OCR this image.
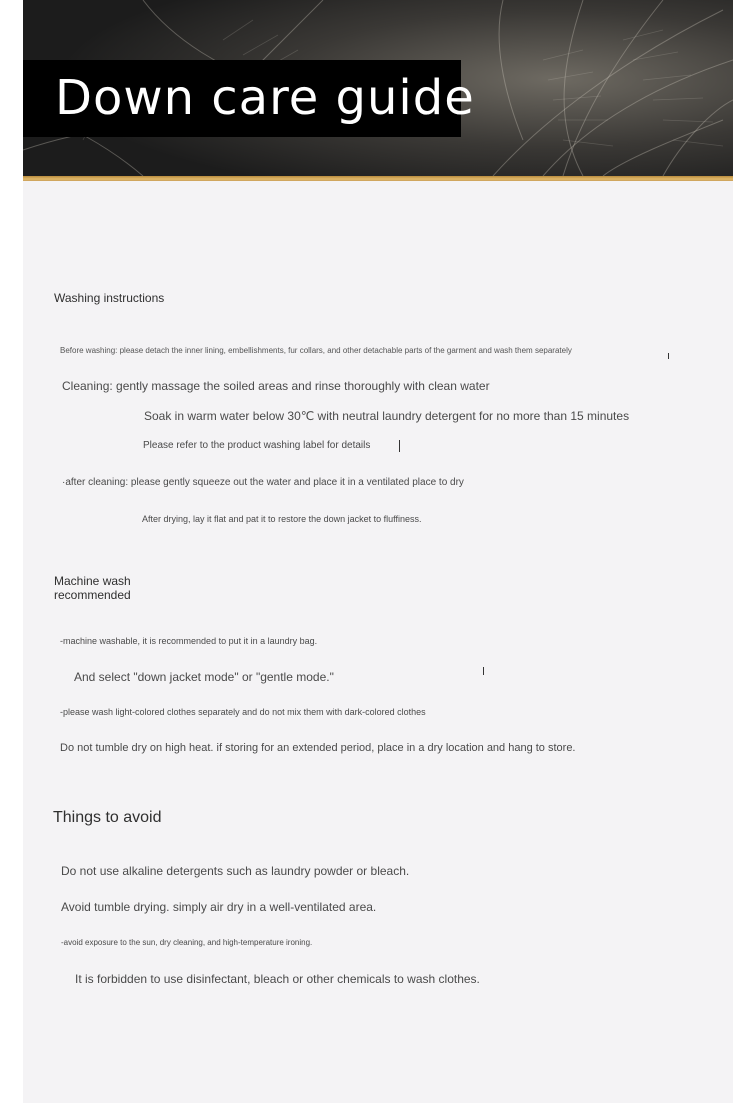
Down care guide
Washing instructions
Before washing: please detach the inner lining, embellishments, fur collars, and other detachable parts of the garment and wash them separately
Cleaning: gently massage the soiled areas and rinse thoroughly with clean water
Soak in warm water below 30℃ with neutral laundry detergent for no more than 15 minutes
Please refer to the product washing label for details
·after cleaning: please gently squeeze out the water and place it in a ventilated place to dry
After drying, lay it flat and pat it to restore the down jacket to fluffiness.
Machine wash
recommended
-machine washable, it is recommended to put it in a laundry bag.
And select "down jacket mode" or "gentle mode."
-please wash light-colored clothes separately and do not mix them with dark-colored clothes
Do not tumble dry on high heat. if storing for an extended period, place in a dry location and hang to store.
Things to avoid
Do not use alkaline detergents such as laundry powder or bleach.
Avoid tumble drying. simply air dry in a well-ventilated area.
-avoid exposure to the sun, dry cleaning, and high-temperature ironing.
It is forbidden to use disinfectant, bleach or other chemicals to wash clothes.
